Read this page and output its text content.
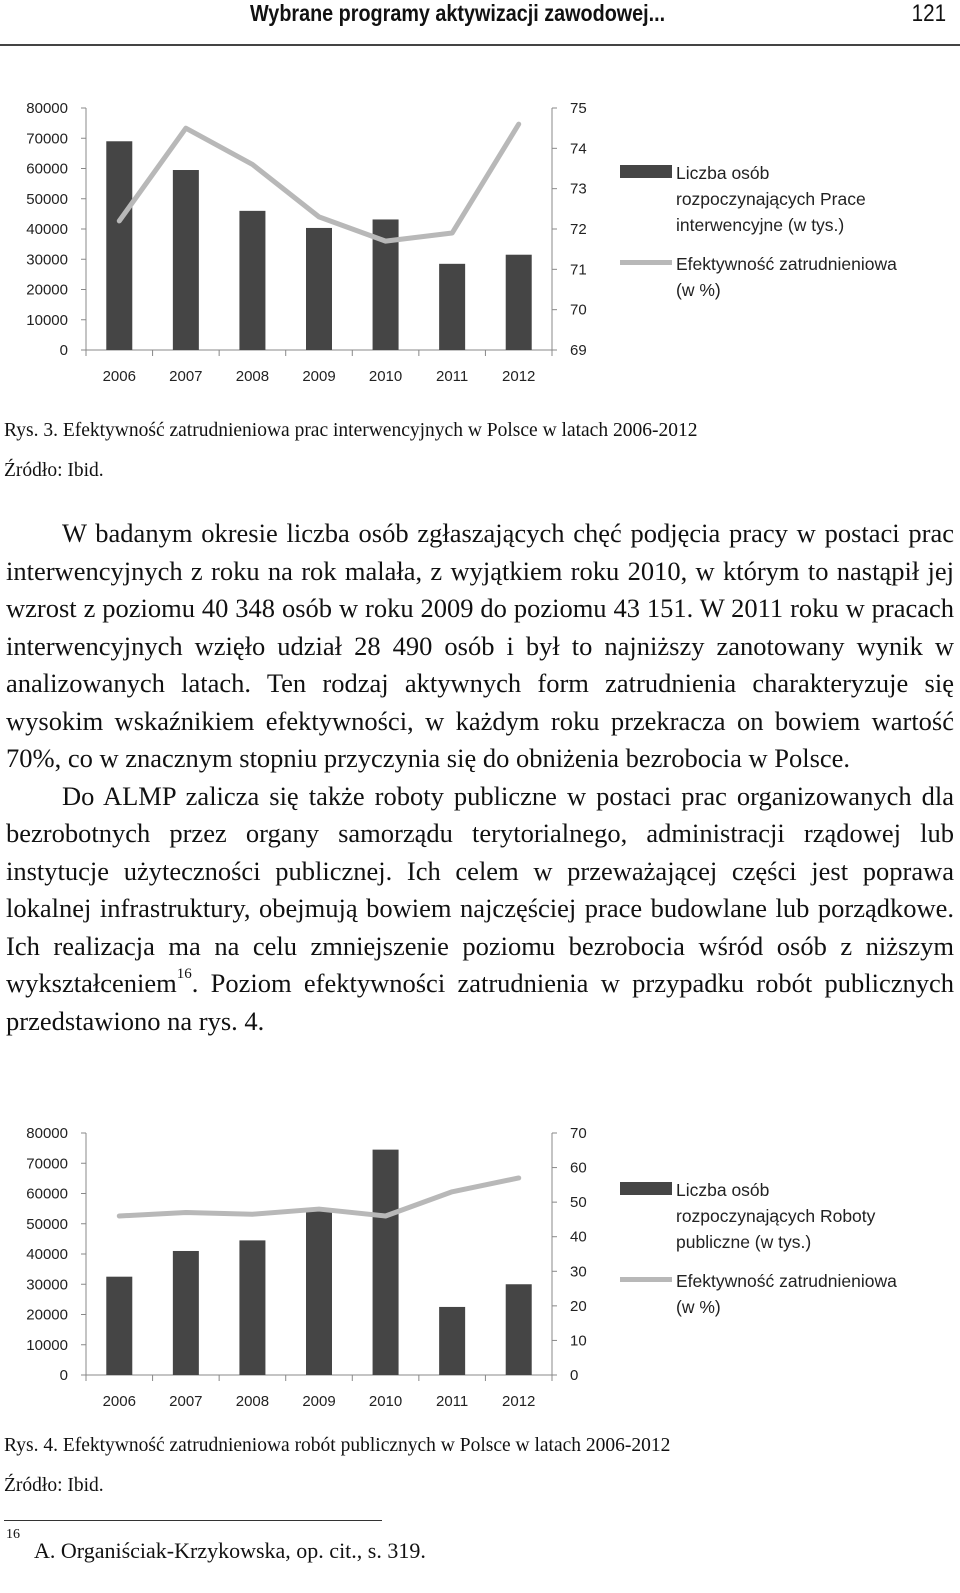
Wybrane programy aktywizacji zawodowej...	121
0
10000
20000
30000
40000
50000
60000
70000
80000
69
70
71
72
73
74
75
2006 2007 2008 2009 2010 2011 2012
Liczba osób
rozpoczynających Prace
interwencyjne (w tys.)
Efektywność zatrudnieniowa
(w %)
Rys. 3. Efektywność zatrudnieniowa prac interwencyjnych w Polsce w latach 2006-2012
Źródło: Ibid.

W badanym okresie liczba osób zgłaszających chęć podjęcia pracy w postaci prac interwencyjnych z roku na rok malała, z wyjątkiem roku 2010, w którym to nastąpił jej wzrost z poziomu 40 348 osób w roku 2009 do poziomu 43 151. W 2011 roku w pracach interwencyjnych wzięło udział 28 490 osób i był to najniższy zanotowany wynik w analizowanych latach. Ten rodzaj aktywnych form zatrudnienia charakteryzuje się wysokim wskaźnikiem efektywności, w każdym roku przekracza on bowiem wartość 70%, co w znacznym stopniu przyczynia się do obniżenia bezrobocia w Polsce.

Do ALMP zalicza się także roboty publiczne w postaci prac organizowanych dla bezrobotnych przez organy samorządu terytorialnego, administracji rządowej lub instytucje użyteczności publicznej. Ich celem w przeważającej części jest poprawa lokalnej infrastruktury, obejmują bowiem najczęściej prace budowlane lub porządkowe. Ich realizacja ma na celu zmniejszenie poziomu bezrobocia wśród osób z niższym wykształceniem$^{16}$. Poziom efektywności zatrudnienia w przypadku robót publicznych przedstawiono na rys. 4.

0
10000
20000
30000
40000
50000
60000
70000
80000
0
10
20
30
40
50
60
70
2006 2007 2008 2009 2010 2011 2012
Liczba osób
rozpoczynających Roboty
publiczne (w tys.)
Efektywność zatrudnieniowa
(w %)
Rys. 4. Efektywność zatrudnieniowa robót publicznych w Polsce w latach 2006-2012
Źródło: Ibid.
$^{16}$A. Organiściak-Krzykowska, op. cit., s. 319.
